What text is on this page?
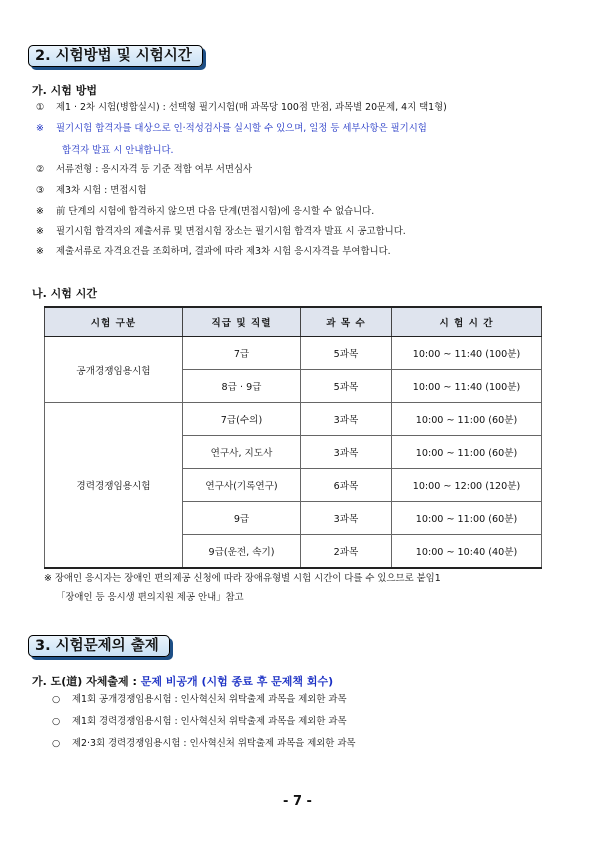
2. 시험방법 및 시험시간
가. 시험 방법
① 제1 · 2차 시험(병합실시) : 선택형 필기시험(매 과목당 100점 만점, 과목별 20문제, 4지 택1형)
※ 필기시험 합격자를 대상으로 인·적성검사를 실시할 수 있으며, 일정 등 세부사항은 필기시험
합격자 발표 시 안내합니다.
② 서류전형 : 응시자격 등 기준 적합 여부 서면심사
③ 제3차 시험 : 면접시험
※ 前 단계의 시험에 합격하지 않으면 다음 단계(면접시험)에 응시할 수 없습니다.
※ 필기시험 합격자의 제출서류 및 면접시험 장소는 필기시험 합격자 발표 시 공고합니다.
※ 제출서류로 자격요건을 조회하며, 결과에 따라 제3차 시험 응시자격을 부여합니다.
나. 시험 시간
시험 구분	직급 및 직렬	과 목 수	시 험 시 간
공개경쟁임용시험	7급	5과목	10:00 ~ 11:40 (100분)
	8급 · 9급	5과목	10:00 ~ 11:40 (100분)
경력경쟁임용시험	7급(수의)	3과목	10:00 ~ 11:00 (60분)
	연구사, 지도사	3과목	10:00 ~ 11:00 (60분)
	연구사(기록연구)	6과목	10:00 ~ 12:00 (120분)
	9급	3과목	10:00 ~ 11:00 (60분)
	9급(운전, 속기)	2과목	10:00 ~ 10:40 (40분)
※ 장애인 응시자는 장애인 편의제공 신청에 따라 장애유형별 시험 시간이 다를 수 있으므로 붙임1
「장애인 등 응시생 편의지원 제공 안내」참고
3. 시험문제의 출제
가. 도(道) 자체출제 : 문제 비공개 (시험 종료 후 문제책 회수)
○ 제1회 공개경쟁임용시험 : 인사혁신처 위탁출제 과목을 제외한 과목
○ 제1회 경력경쟁임용시험 : 인사혁신처 위탁출제 과목을 제외한 과목
○ 제2·3회 경력경쟁임용시험 : 인사혁신처 위탁출제 과목을 제외한 과목
- 7 -
